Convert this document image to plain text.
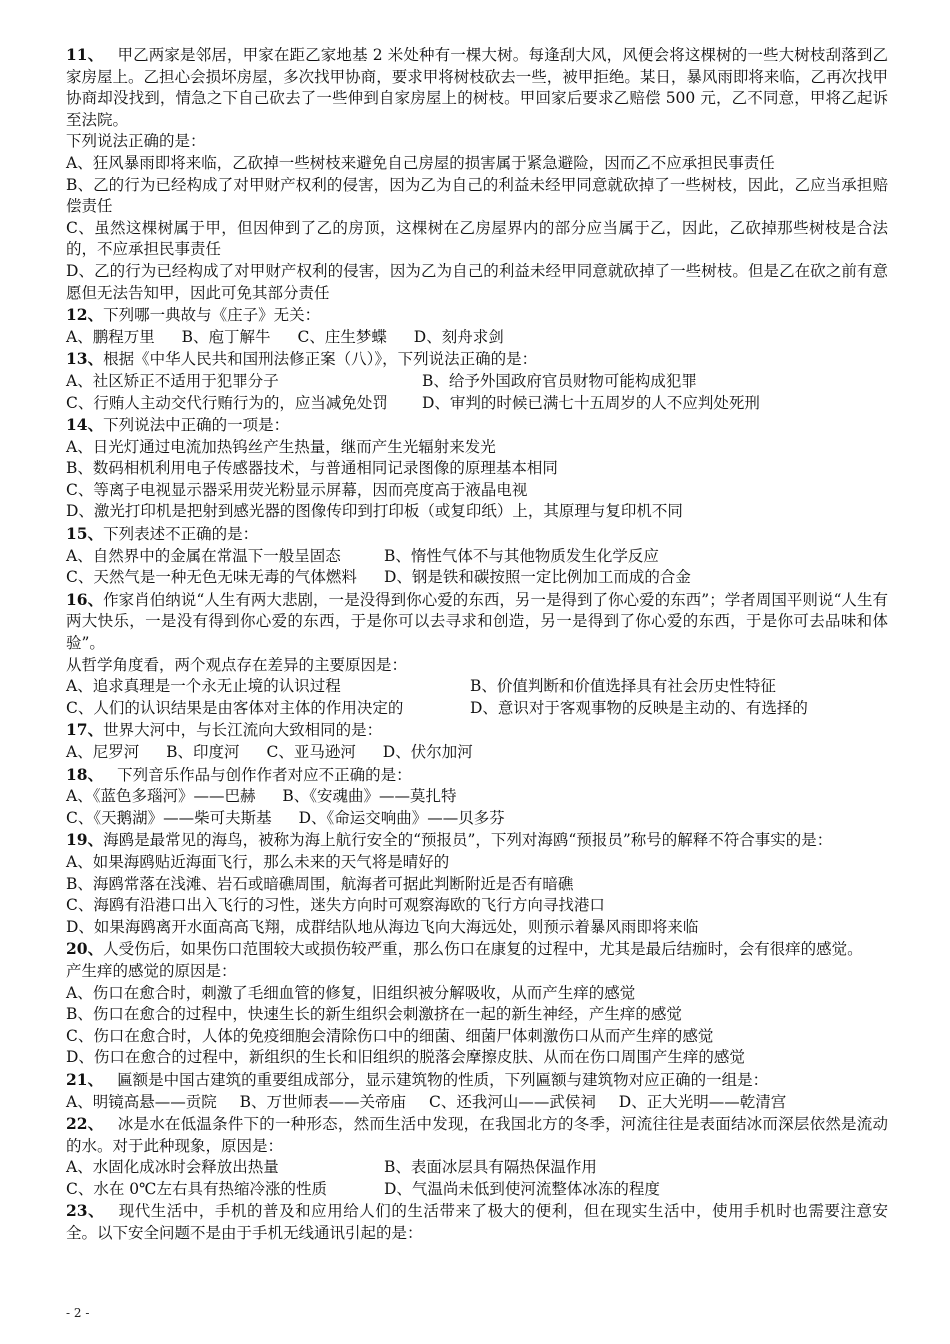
11、 甲乙两家是邻居，甲家在距乙家地基 2 米处种有一棵大树。每逢刮大风，风便会将这棵树的一些大树枝刮落到乙家房屋上。乙担心会损坏房屋，多次找甲协商，要求甲将树枝砍去一些，被甲拒绝。某日，暴风雨即将来临，乙再次找甲协商却没找到，情急之下自己砍去了一些伸到自家房屋上的树枝。甲回家后要求乙赔偿 500 元，乙不同意，甲将乙起诉至法院。
下列说法正确的是：
A、狂风暴雨即将来临，乙砍掉一些树枝来避免自己房屋的损害属于紧急避险，因而乙不应承担民事责任
B、乙的行为已经构成了对甲财产权利的侵害，因为乙为自己的利益未经甲同意就砍掉了一些树枝，因此，乙应当承担赔偿责任
C、虽然这棵树属于甲，但因伸到了乙的房顶，这棵树在乙房屋界内的部分应当属于乙，因此，乙砍掉那些树枝是合法的，不应承担民事责任
D、乙的行为已经构成了对甲财产权利的侵害，因为乙为自己的利益未经甲同意就砍掉了一些树枝。但是乙在砍之前有意愿但无法告知甲，因此可免其部分责任
12、下列哪一典故与《庄子》无关：
A、鹏程万里 B、庖丁解牛 C、庄生梦蝶 D、刻舟求剑
13、根据《中华人民共和国刑法修正案（八）》，下列说法正确的是：
A、社区矫正不适用于犯罪分子	B、给予外国政府官员财物可能构成犯罪
C、行贿人主动交代行贿行为的，应当减免处罚 D、审判的时候已满七十五周岁的人不应判处死刑
14、下列说法中正确的一项是：
A、日光灯通过电流加热钨丝产生热量，继而产生光辐射来发光
B、数码相机利用电子传感器技术，与普通相同记录图像的原理基本相同
C、等离子电视显示器采用荧光粉显示屏幕，因而亮度高于液晶电视
D、激光打印机是把射到感光器的图像传印到打印板（或复印纸）上，其原理与复印机不同
15、下列表述不正确的是：
A、自然界中的金属在常温下一般呈固态	B、惰性气体不与其他物质发生化学反应
C、天然气是一种无色无味无毒的气体燃料 D、钢是铁和碳按照一定比例加工而成的合金
16、作家肖伯纳说“人生有两大悲剧，一是没得到你心爱的东西，另一是得到了你心爱的东西”；学者周国平则说“人生有两大快乐，一是没有得到你心爱的东西，于是你可以去寻求和创造，另一是得到了你心爱的东西，于是你可去品味和体验”。
从哲学角度看，两个观点存在差异的主要原因是：
A、追求真理是一个永无止境的认识过程	B、价值判断和价值选择具有社会历史性特征
C、人们的认识结果是由客体对主体的作用决定的	D、意识对于客观事物的反映是主动的、有选择的
17、世界大河中，与长江流向大致相同的是：
A、尼罗河 B、印度河 C、亚马逊河 D、伏尔加河
18、 下列音乐作品与创作作者对应不正确的是：
A、《蓝色多瑙河》——巴赫 B、《安魂曲》——莫扎特
C、《天鹅湖》——柴可夫斯基 D、《命运交响曲》——贝多芬
19、海鸥是最常见的海鸟，被称为海上航行安全的“预报员”，下列对海鸥“预报员”称号的解释不符合事实的是：
A、如果海鸥贴近海面飞行，那么未来的天气将是晴好的
B、海鸥常落在浅滩、岩石或暗礁周围，航海者可据此判断附近是否有暗礁
C、海鸥有沿港口出入飞行的习性，迷失方向时可观察海欧的飞行方向寻找港口
D、如果海鸥离开水面高高飞翔，成群结队地从海边飞向大海远处，则预示着暴风雨即将来临
20、人受伤后，如果伤口范围较大或损伤较严重，那么伤口在康复的过程中，尤其是最后结痂时，会有很痒的感觉。
产生痒的感觉的原因是：
A、伤口在愈合时，刺激了毛细血管的修复，旧组织被分解吸收，从而产生痒的感觉
B、伤口在愈合的过程中，快速生长的新生组织会刺激挤在一起的新生神经，产生痒的感觉
C、伤口在愈合时，人体的免疫细胞会清除伤口中的细菌、细菌尸体刺激伤口从而产生痒的感觉
D、伤口在愈合的过程中，新组织的生长和旧组织的脱落会摩擦皮肤、从而在伤口周围产生痒的感觉
21、 匾额是中国古建筑的重要组成部分，显示建筑物的性质，下列匾额与建筑物对应正确的一组是：
A、明镜高悬——贡院 B、万世师表——关帝庙 C、还我河山——武侯祠 D、正大光明——乾清宫
22、 冰是水在低温条件下的一种形态，然而生活中发现，在我国北方的冬季，河流往往是表面结冰而深层依然是流动的水。对于此种现象，原因是：
A、水固化成冰时会释放出热量	B、表面冰层具有隔热保温作用
C、水在 0℃左右具有热缩冷涨的性质	D、气温尚未低到使河流整体冰冻的程度
23、 现代生活中，手机的普及和应用给人们的生活带来了极大的便利，但在现实生活中，使用手机时也需要注意安全。以下安全问题不是由于手机无线通讯引起的是：
- 2 -
